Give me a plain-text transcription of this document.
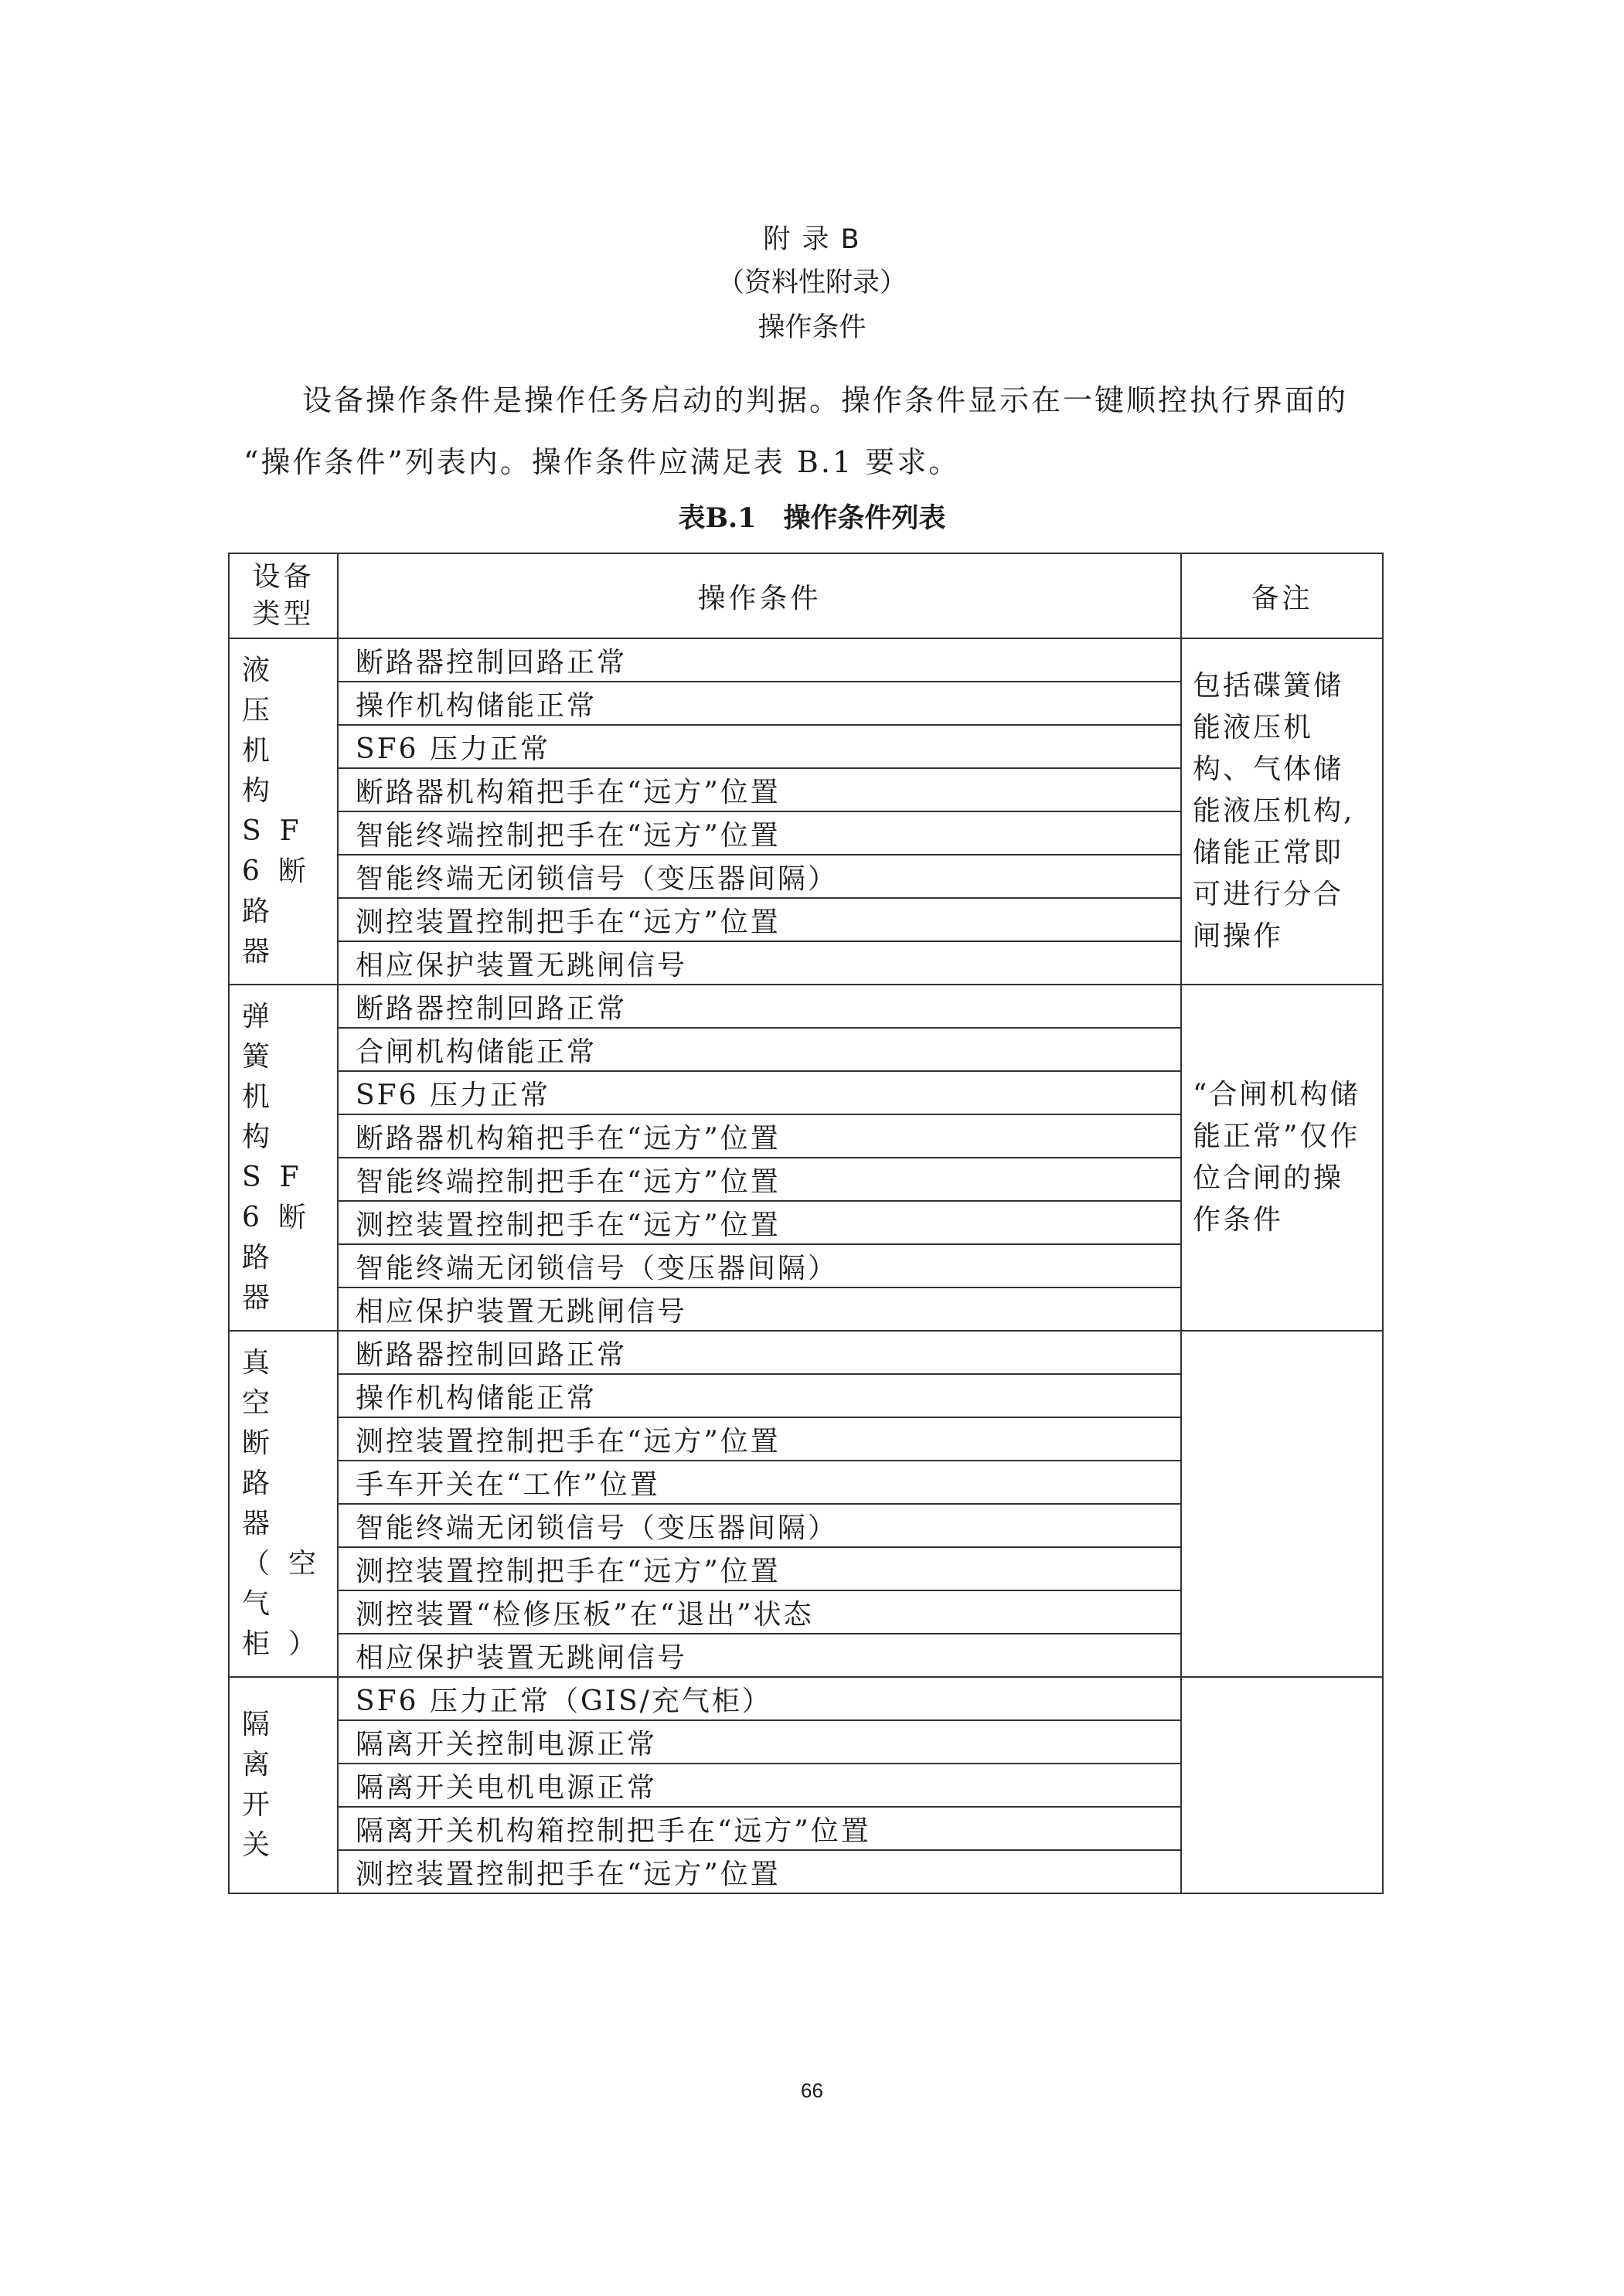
附 录 B
（资料性附录）
操作条件
设备操作条件是操作任务启动的判据。操作条件显示在一键顺控执行界面的
“操作条件”列表内。操作条件应满足表 B.1 要求。
表B.1　操作条件列表
设备类型	操作条件	备注

液压机构SF6断路器	断路器控制回路正常	包括碟簧储能液压机构、气体储能液压机构,储能正常即可进行分合闸操作
	操作机构储能正常	
	SF6 压力正常	
	断路器机构箱把手在“远方”位置	
	智能终端控制把手在“远方”位置	
	智能终端无闭锁信号（变压器间隔）	
	测控装置控制把手在“远方”位置	
	相应保护装置无跳闸信号	

弹簧机构SF6断路器	断路器控制回路正常	“合闸机构储能正常”仅作位合闸的操作条件
	合闸机构储能正常	
	SF6 压力正常	
	断路器机构箱把手在“远方”位置	
	智能终端控制把手在“远方”位置	
	测控装置控制把手在“远方”位置	
	智能终端无闭锁信号（变压器间隔）	
	相应保护装置无跳闸信号	

真空断路器（空气柜）	断路器控制回路正常	
	操作机构储能正常	
	测控装置控制把手在“远方”位置	
	手车开关在“工作”位置	
	智能终端无闭锁信号（变压器间隔）	
	测控装置控制把手在“远方”位置	
	测控装置“检修压板”在“退出”状态	
	相应保护装置无跳闸信号	

隔离开关	SF6 压力正常（GIS/充气柜）	
	隔离开关控制电源正常	
	隔离开关电机电源正常	
	隔离开关机构箱控制把手在“远方”位置	
	测控装置控制把手在“远方”位置	
66
